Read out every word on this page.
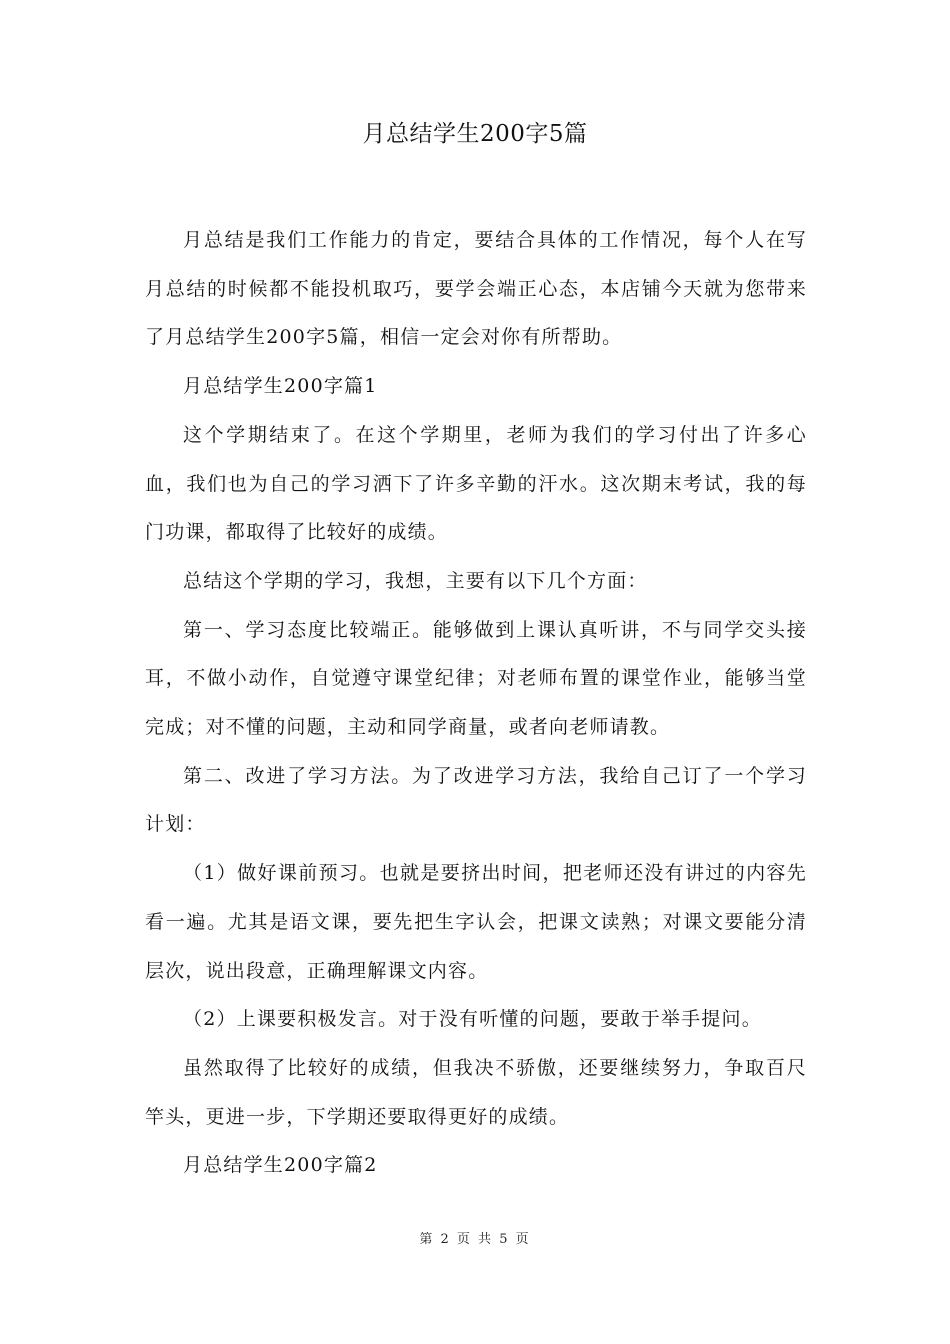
月总结学生200字5篇

月总结是我们工作能力的肯定，要结合具体的工作情况，每个人在写月总结的时候都不能投机取巧，要学会端正心态，本店铺今天就为您带来了月总结学生200字5篇，相信一定会对你有所帮助。

月总结学生200字篇1

这个学期结束了。在这个学期里，老师为我们的学习付出了许多心血，我们也为自己的学习洒下了许多辛勤的汗水。这次期末考试，我的每门功课，都取得了比较好的成绩。

总结这个学期的学习，我想，主要有以下几个方面：

第一、学习态度比较端正。能够做到上课认真听讲，不与同学交头接耳，不做小动作，自觉遵守课堂纪律；对老师布置的课堂作业，能够当堂完成；对不懂的问题，主动和同学商量，或者向老师请教。

第二、改进了学习方法。为了改进学习方法，我给自己订了一个学习计划：

（1）做好课前预习。也就是要挤出时间，把老师还没有讲过的内容先看一遍。尤其是语文课，要先把生字认会，把课文读熟；对课文要能分清层次，说出段意，正确理解课文内容。

（2）上课要积极发言。对于没有听懂的问题，要敢于举手提问。

虽然取得了比较好的成绩，但我决不骄傲，还要继续努力，争取百尺竿头，更进一步，下学期还要取得更好的成绩。

月总结学生200字篇2

第 2 页 共 5 页
